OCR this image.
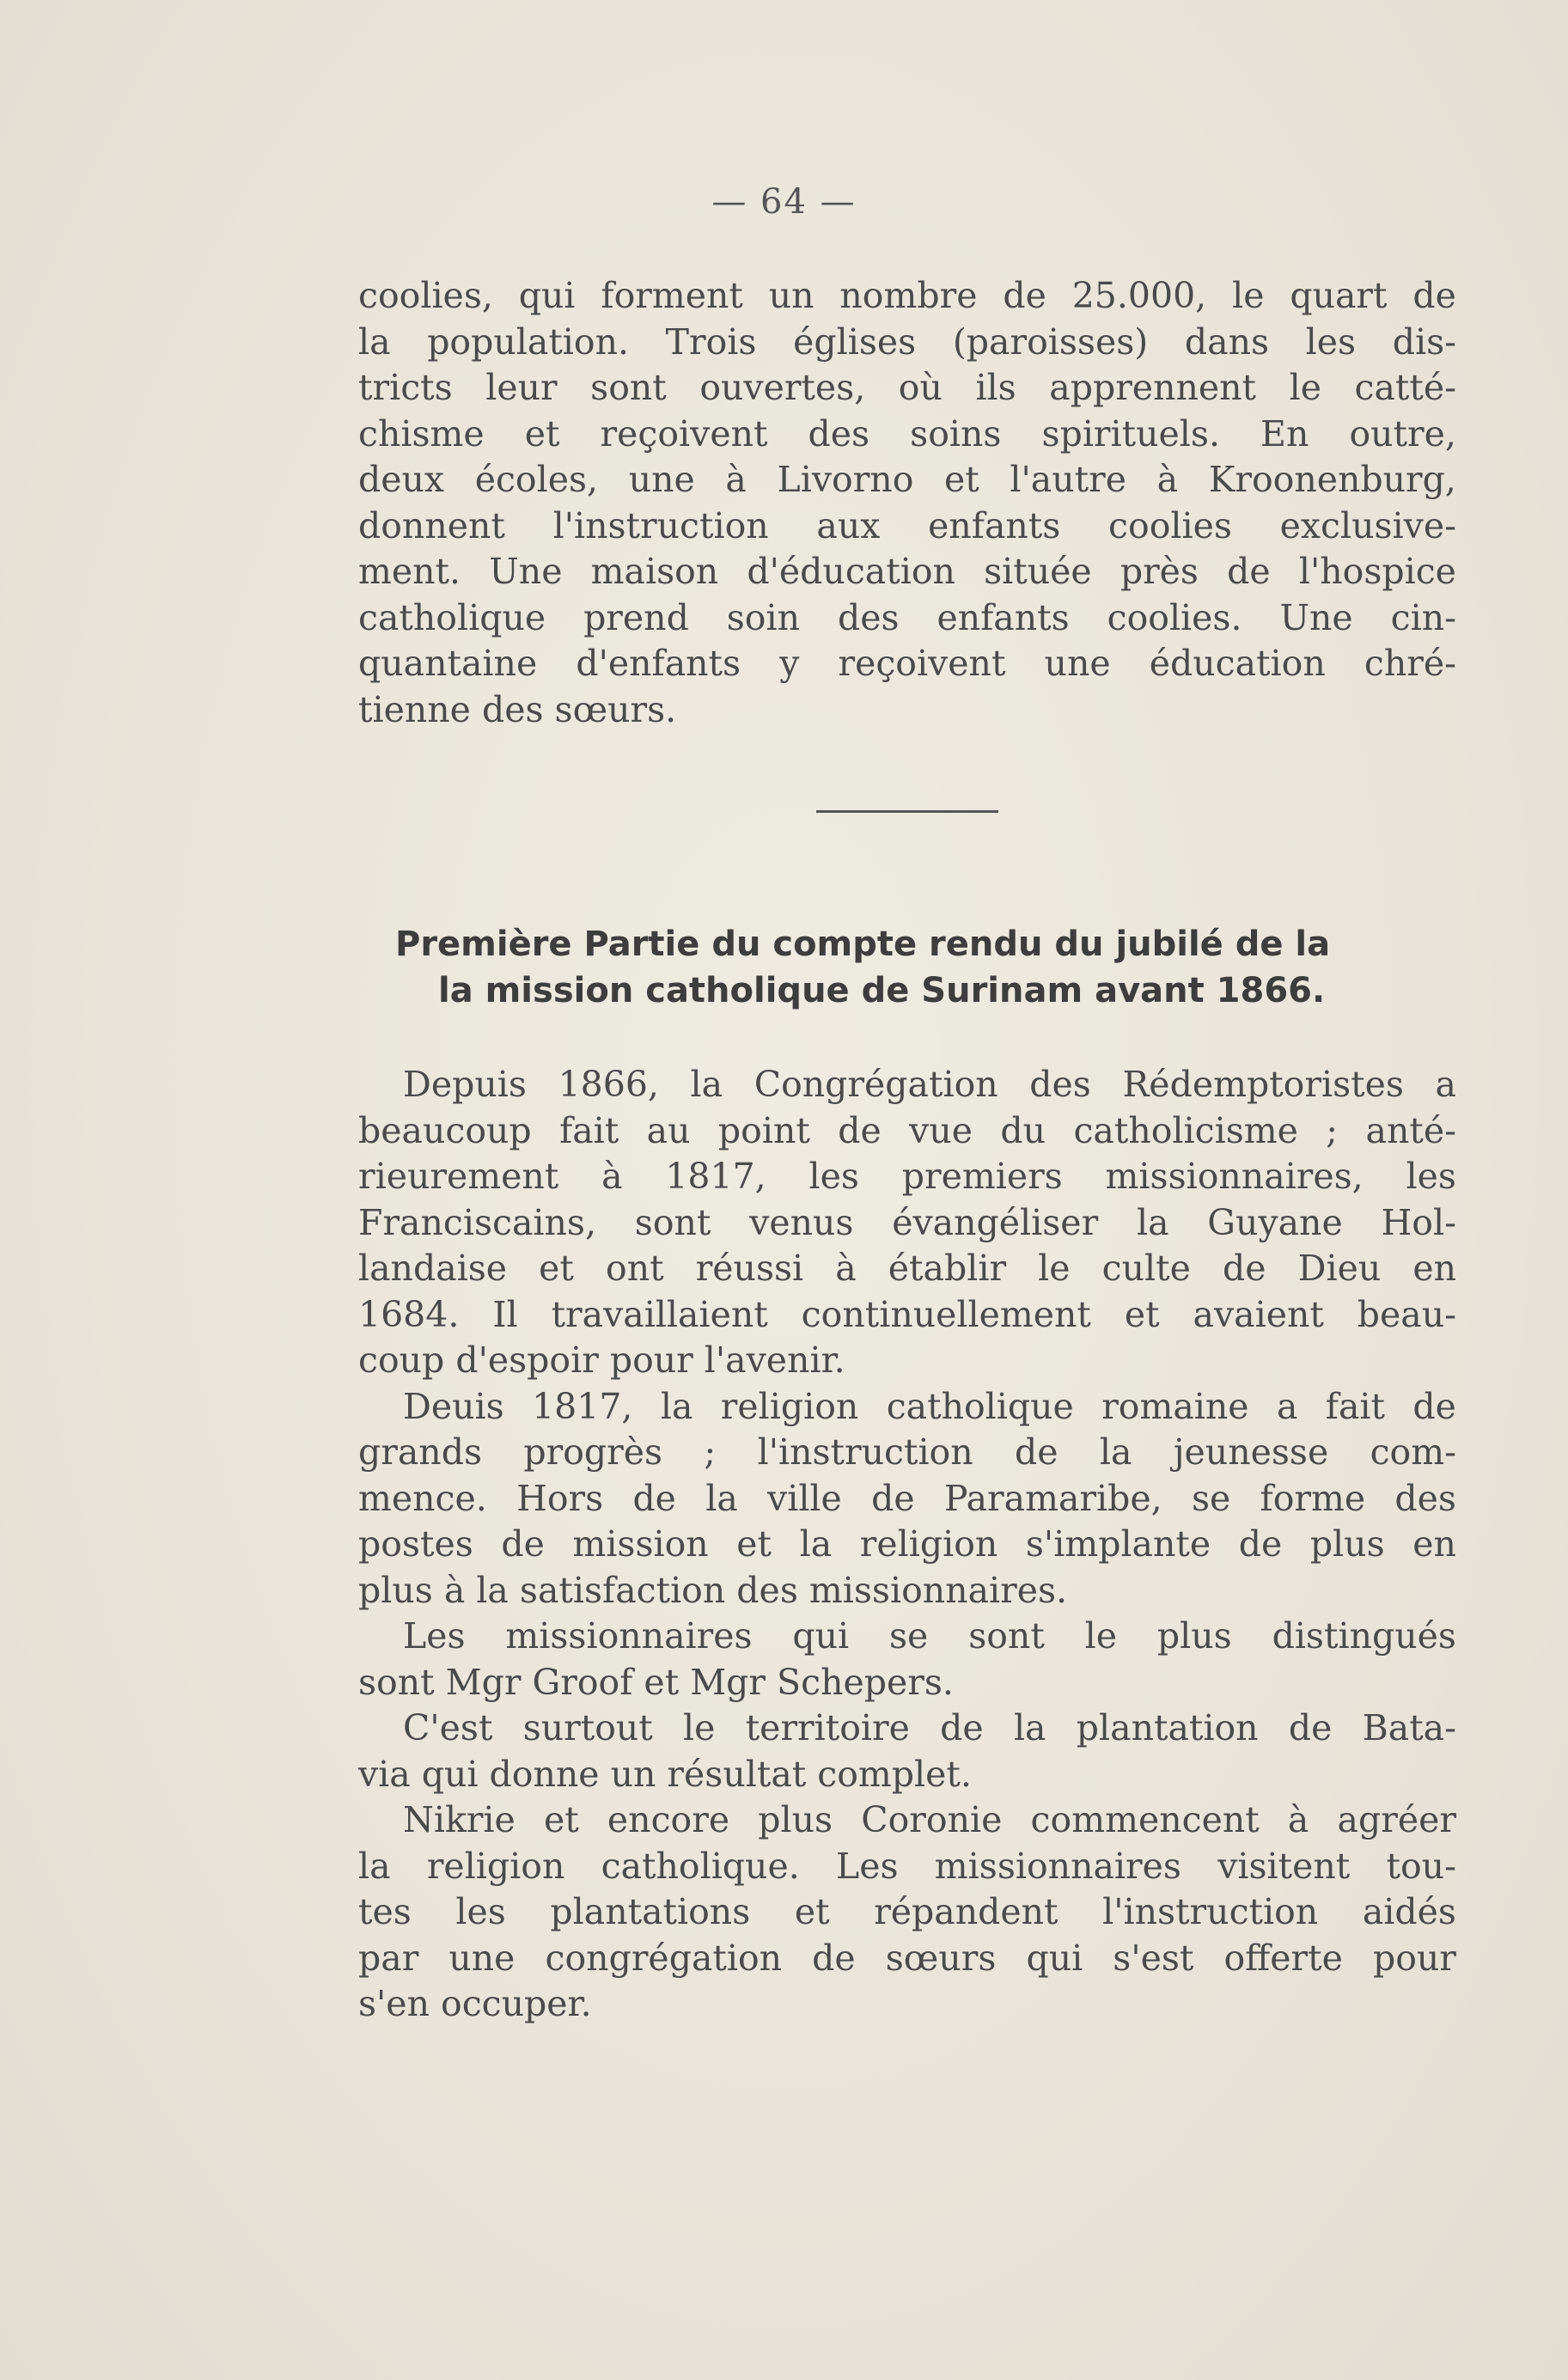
— 64 —
coolies, qui forment un nombre de 25.000, le quart de
la population. Trois églises (paroisses) dans les dis-
tricts leur sont ouvertes, où ils apprennent le catté-
chisme et reçoivent des soins spirituels. En outre,
deux écoles, une à Livorno et l'autre à Kroonenburg,
donnent l'instruction aux enfants coolies exclusive-
ment. Une maison d'éducation située près de l'hospice
catholique prend soin des enfants coolies. Une cin-
quantaine d'enfants y reçoivent une éducation chré-
tienne des sœurs.
Première Partie du compte rendu du jubilé de la
la mission catholique de Surinam avant 1866.
Depuis 1866, la Congrégation des Rédemptoristes a
beaucoup fait au point de vue du catholicisme ; anté-
rieurement à 1817, les premiers missionnaires, les
Franciscains, sont venus évangéliser la Guyane Hol-
landaise et ont réussi à établir le culte de Dieu en
1684. Il travaillaient continuellement et avaient beau-
coup d'espoir pour l'avenir.
Deuis 1817, la religion catholique romaine a fait de
grands progrès ; l'instruction de la jeunesse com-
mence. Hors de la ville de Paramaribe, se forme des
postes de mission et la religion s'implante de plus en
plus à la satisfaction des missionnaires.
Les missionnaires qui se sont le plus distingués
sont Mgr Groof et Mgr Schepers.
C'est surtout le territoire de la plantation de Bata-
via qui donne un résultat complet.
Nikrie et encore plus Coronie commencent à agréer
la religion catholique. Les missionnaires visitent tou-
tes les plantations et répandent l'instruction aidés
par une congrégation de sœurs qui s'est offerte pour
s'en occuper.
